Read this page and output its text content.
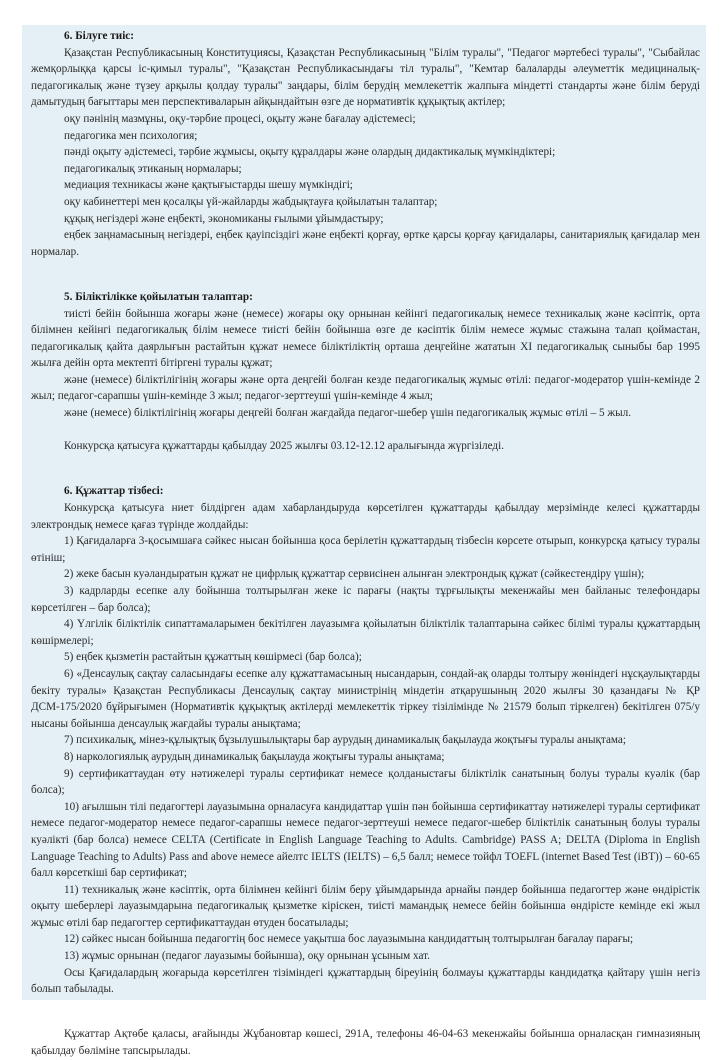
6. Білуге тиіс:

Қазақстан Республикасының Конституциясы, Қазақстан Республикасының "Білім туралы", "Педагог мәртебесі туралы", "Сыбайлас жемқорлыққа қарсы іс-қимыл туралы", "Қазақстан Республикасындағы тіл туралы", "Кемтар балаларды әлеуметтік медициналық-педагогикалық және түзеу арқылы қолдау туралы" заңдары, білім берудің мемлекеттік жалпыға міндетті стандарты және білім беруді дамытудың бағыттары мен перспективаларын айқындайтын өзге де нормативтік құқықтық актілер;

оқу пәнінің мазмұны, оқу-тәрбие процесі, оқыту және бағалау әдістемесі;

педагогика мен психология;

пәнді оқыту әдістемесі, тәрбие жұмысы, оқыту құралдары және олардың дидактикалық мүмкіндіктері;

педагогикалық этиканың нормалары;

медиация техникасы және қақтығыстарды шешу мүмкіндігі;

оқу кабинеттері мен қосалқы үй-жайларды жабдықтауға қойылатын талаптар;

құқық негіздері және еңбекті, экономиканы ғылыми ұйымдастыру;

еңбек заңнамасының негіздері, еңбек қауіпсіздігі және еңбекті қорғау, өртке қарсы қорғау қағидалары, санитариялық қағидалар мен нормалар.

5. Біліктілікке қойылатын талаптар:

тиісті бейін бойынша жоғары және (немесе) жоғары оқу орнынан кейінгі педагогикалық немесе техникалық және кәсіптік, орта білімнен кейінгі педагогикалық білім немесе тиісті бейін бойынша өзге де кәсіптік білім немесе жұмыс стажына талап қоймастан, педагогикалық қайта даярлығын растайтын құжат немесе біліктіліктің орташа деңгейіне жататын XI педагогикалық сыныбы бар 1995 жылға дейін орта мектепті бітіргені туралы құжат;

және (немесе) біліктілігінің жоғары және орта деңгейі болған кезде педагогикалық жұмыс өтілі: педагог-модератор үшін-кемінде 2 жыл; педагог-сарапшы үшін-кемінде 3 жыл; педагог-зерттеуші үшін-кемінде 4 жыл;

және (немесе) біліктілігінің жоғары деңгейі болған жағдайда педагог-шебер үшін педагогикалық жұмыс өтілі – 5 жыл.

Конкурсқа қатысуға құжаттарды қабылдау 2025 жылғы 03.12-12.12 аралығында жүргізіледі.

6. Құжаттар тізбесі:

Конкурсқа қатысуға ниет білдірген адам хабарландыруда көрсетілген құжаттарды қабылдау мерзімінде келесі құжаттарды электрондық немесе қағаз түрінде жолдайды:

1) Қағидаларға 3-қосымшаға сәйкес нысан бойынша қоса берілетін құжаттардың тізбесін көрсете отырып, конкурсқа қатысу туралы өтініш;

2) жеке басын куәландыратын құжат не цифрлық құжаттар сервисінен алынған электрондық құжат (сәйкестендіру үшін);

3) кадрларды есепке алу бойынша толтырылған жеке іс парағы (нақты тұрғылықты мекенжайы мен байланыс телефондары көрсетілген – бар болса);

4) Үлгілік біліктілік сипаттамаларымен бекітілген лауазымға қойылатын біліктілік талаптарына сәйкес білімі туралы құжаттардың көшірмелері;

5) еңбек қызметін растайтын құжаттың көшірмесі (бар болса);

6) «Денсаулық сақтау саласындағы есепке алу құжаттамасының нысандарын, сондай-ақ оларды толтыру жөніндегі нұсқаулықтарды бекіту туралы» Қазақстан Республикасы Денсаулық сақтау министрінің міндетін атқарушының 2020 жылғы 30 қазандағы № ҚР ДСМ-175/2020 бұйрығымен (Нормативтік құқықтық актілерді мемлекеттік тіркеу тізілімінде № 21579 болып тіркелген) бекітілген 075/у нысаны бойынша денсаулық жағдайы туралы анықтама;

7) психикалық, мінез-құлықтық бұзылушылықтары бар аурудың динамикалық бақылауда жоқтығы туралы анықтама;

8) наркологиялық аурудың динамикалық бақылауда жоқтығы туралы анықтама;

9) сертификаттаудан өту нәтижелері туралы сертификат немесе қолданыстағы біліктілік санатының болуы туралы куәлік (бар болса);

10) ағылшын тілі педагогтері лауазымына орналасуға кандидаттар үшін пән бойынша сертификаттау нәтижелері туралы сертификат немесе педагог-модератор немесе педагог-сарапшы немесе педагог-зерттеуші немесе педагог-шебер біліктілік санатының болуы туралы куәлікті (бар болса) немесе CELTA (Certificate in English Language Teaching to Adults. Cambridge) PASS A; DELTA (Diploma in English Language Teaching to Adults) Pass and above немесе айелтс IELTS (IELTS) – 6,5 балл; немесе тойфл TOEFL (internet Based Test (iBT)) – 60-65 балл көрсеткіші бар сертификат;

11) техникалық және кәсіптік, орта білімнен кейінгі білім беру ұйымдарында арнайы пәндер бойынша педагогтер және өндірістік оқыту шеберлері лауазымдарына педагогикалық қызметке кіріскен, тиісті мамандық немесе бейін бойынша өндірісте кемінде екі жыл жұмыс өтілі бар педагогтер сертификаттаудан өтуден босатылады;

12) сәйкес нысан бойынша педагогтің бос немесе уақытша бос лауазымына кандидаттың толтырылған бағалау парағы;

13) жұмыс орнынан (педагог лауазымы бойынша), оқу орнынан ұсыным хат.

Осы Қағидалардың жоғарыда көрсетілген тізіміндегі құжаттардың біреуінің болмауы құжаттарды кандидатқа қайтару үшін негіз болып табылады.

Құжаттар Ақтөбе қаласы, ағайынды Жұбановтар көшесі, 291А, телефоны 46-04-63 мекенжайы бойынша орналасқан гимназияның қабылдау бөліміне тапсырылады.
